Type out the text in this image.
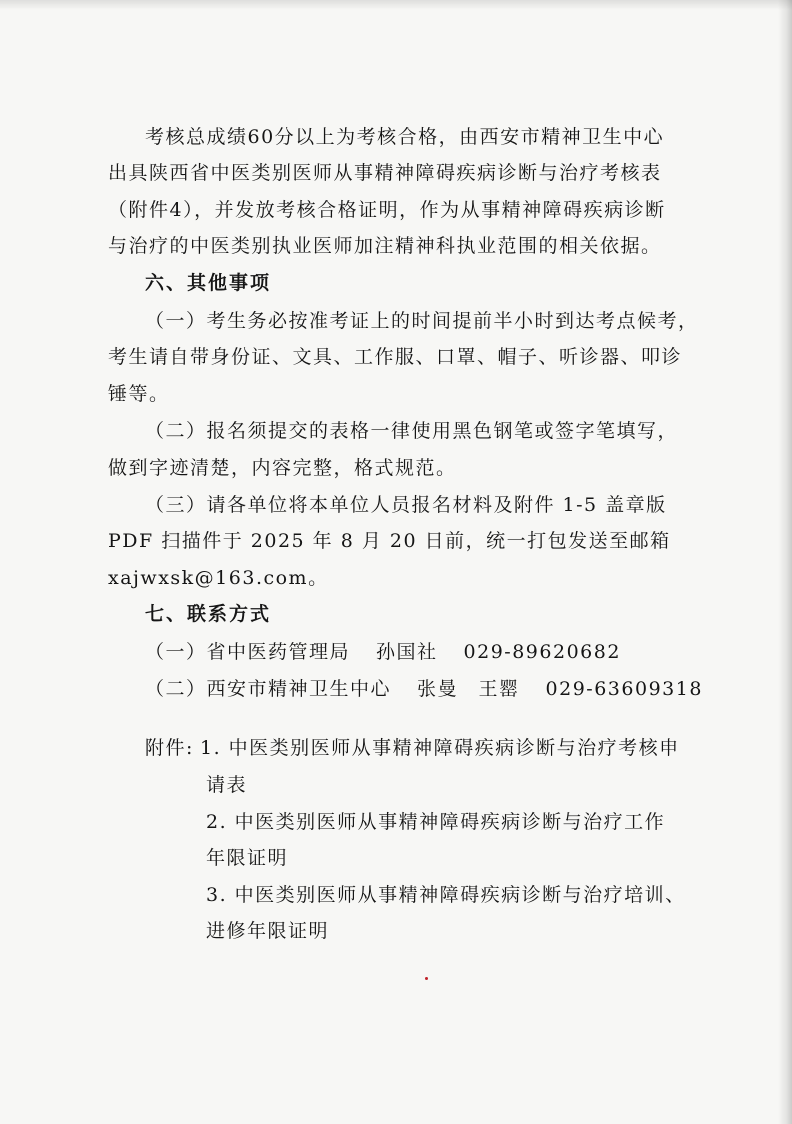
考核总成绩60分以上为考核合格，由西安市精神卫生中心
出具陕西省中医类别医师从事精神障碍疾病诊断与治疗考核表
（附件4），并发放考核合格证明，作为从事精神障碍疾病诊断
与治疗的中医类别执业医师加注精神科执业范围的相关依据。
六、其他事项
（一）考生务必按准考证上的时间提前半小时到达考点候考，
考生请自带身份证、文具、工作服、口罩、帽子、听诊器、叩诊
锤等。
（二）报名须提交的表格一律使用黑色钢笔或签字笔填写，
做到字迹清楚，内容完整，格式规范。
（三）请各单位将本单位人员报名材料及附件 1-5 盖章版
PDF 扫描件于 2025 年 8 月 20 日前，统一打包发送至邮箱
xajwxsk@163.com。
七、联系方式
（一）省中医药管理局 孙国社 029-89620682
（二）西安市精神卫生中心 张曼　王罂 029-63609318
附件: 1. 中医类别医师从事精神障碍疾病诊断与治疗考核申
请表
2. 中医类别医师从事精神障碍疾病诊断与治疗工作
年限证明
3. 中医类别医师从事精神障碍疾病诊断与治疗培训、
进修年限证明
